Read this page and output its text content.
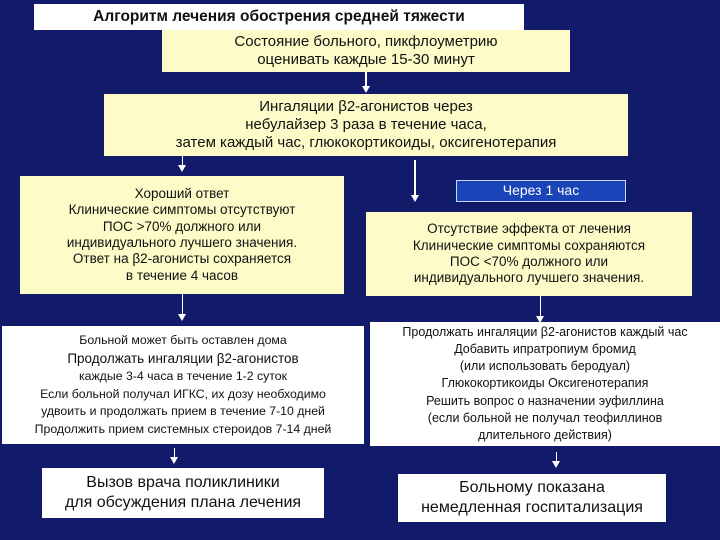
Алгоритм лечения обострения средней тяжести
Состояние больного, пикфлоуметрию
оценивать каждые 15-30 минут
Ингаляции β2-агонистов через
небулайзер 3 раза в течение часа,
затем каждый час, глюкокортикоиды, оксигенотерапия
Хороший ответ
Клинические симптомы отсутствуют
ПОС >70% должного или
индивидуального лучшего значения.
Ответ на β2-агонисты сохраняется
в течение 4 часов
Через 1 час
Отсутствие эффекта от лечения
Клинические симптомы сохраняются
ПОС <70% должного или
индивидуального лучшего значения.
Больной может быть оставлен дома
Продолжать ингаляции β2-агонистов
каждые 3-4 часа в течение 1-2 суток
Если больной получал ИГКС, их дозу необходимо
удвоить и продолжать прием в течение 7-10 дней
Продолжить прием системных стероидов 7-14 дней
Продолжать ингаляции β2-агонистов каждый час
Добавить ипратропиум бромид
(или использовать беродуал)
Глюкокортикоиды Оксигенотерапия
Решить вопрос о назначении эуфиллина
(если больной не получал теофиллинов
длительного действия)
Вызов врача поликлиники
для обсуждения плана лечения
Больному показана
немедленная госпитализация
